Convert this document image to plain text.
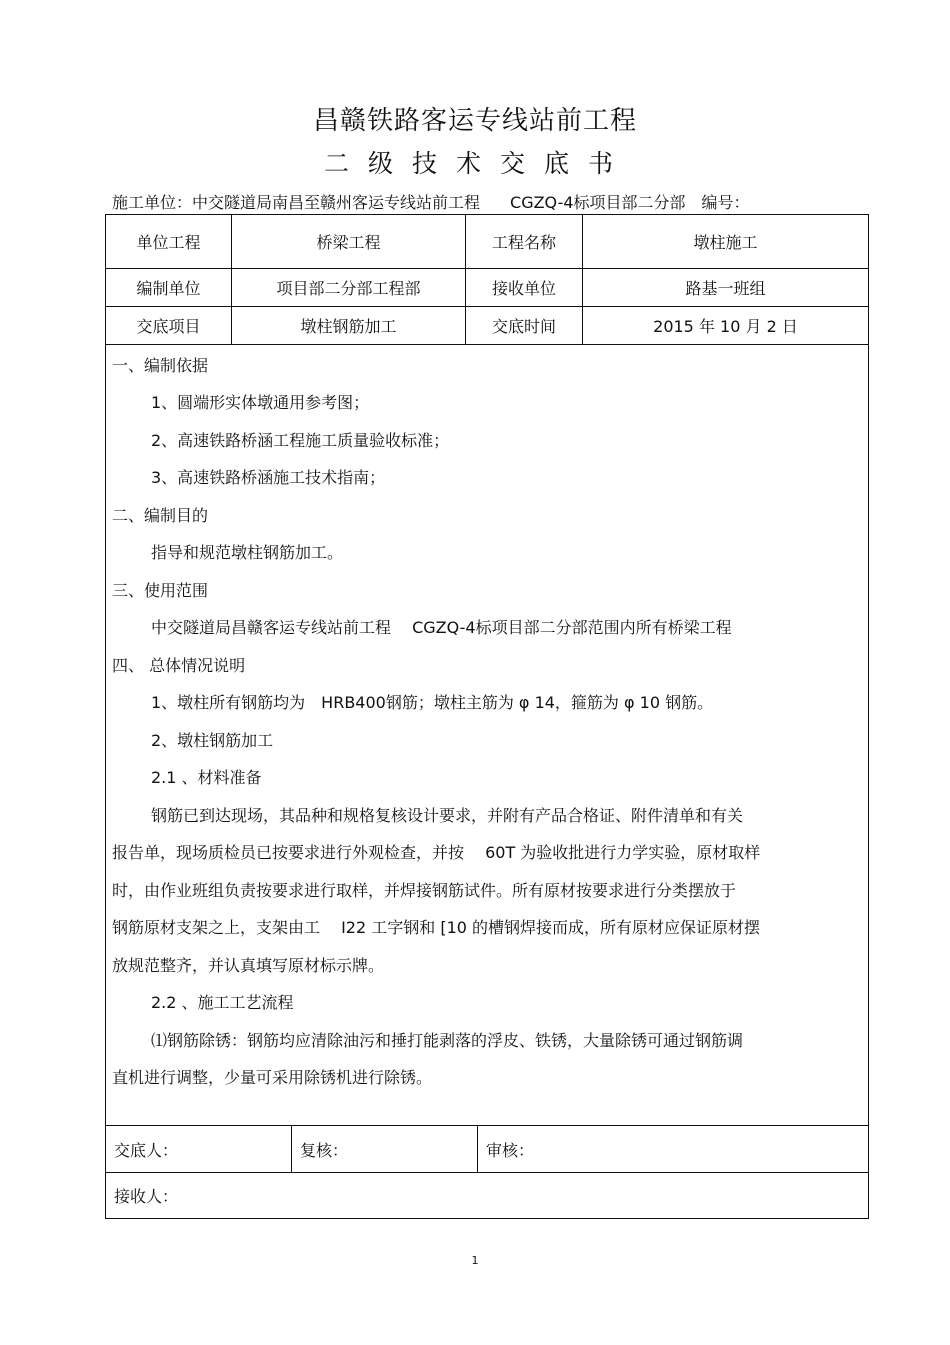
昌赣铁路客运专线站前工程
二级技术交底书
施工单位：中交隧道局南昌至赣州客运专线站前工程 CGZQ-4标项目部二分部 编号：
单位工程	桥梁工程	工程名称	墩柱施工
编制单位	项目部二分部工程部	接收单位	路基一班组
交底项目	墩柱钢筋加工	交底时间	2015 年 10 月 2 日
一、编制依据
1、圆端形实体墩通用参考图；
2、高速铁路桥涵工程施工质量验收标准；
3、高速铁路桥涵施工技术指南；
二、编制目的
指导和规范墩柱钢筋加工。
三、使用范围
中交隧道局昌赣客运专线站前工程　 CGZQ-4标项目部二分部范围内所有桥梁工程
四、 总体情况说明
1、墩柱所有钢筋均为　HRB400钢筋；墩柱主筋为 φ 14，箍筋为 φ 10 钢筋。
2、墩柱钢筋加工
2.1 、材料准备
钢筋已到达现场，其品种和规格复核设计要求，并附有产品合格证、附件清单和有关
报告单，现场质检员已按要求进行外观检查，并按　 60T 为验收批进行力学实验，原材取样
时，由作业班组负责按要求进行取样，并焊接钢筋试件。所有原材按要求进行分类摆放于
钢筋原材支架之上，支架由工　 I22 工字钢和 [10 的槽钢焊接而成，所有原材应保证原材摆
放规范整齐，并认真填写原材标示牌。
2.2 、施工工艺流程
⑴钢筋除锈：钢筋均应清除油污和捶打能剥落的浮皮、铁锈，大量除锈可通过钢筋调
直机进行调整，少量可采用除锈机进行除锈。
交底人：	复核：	审核：
接收人：
1
